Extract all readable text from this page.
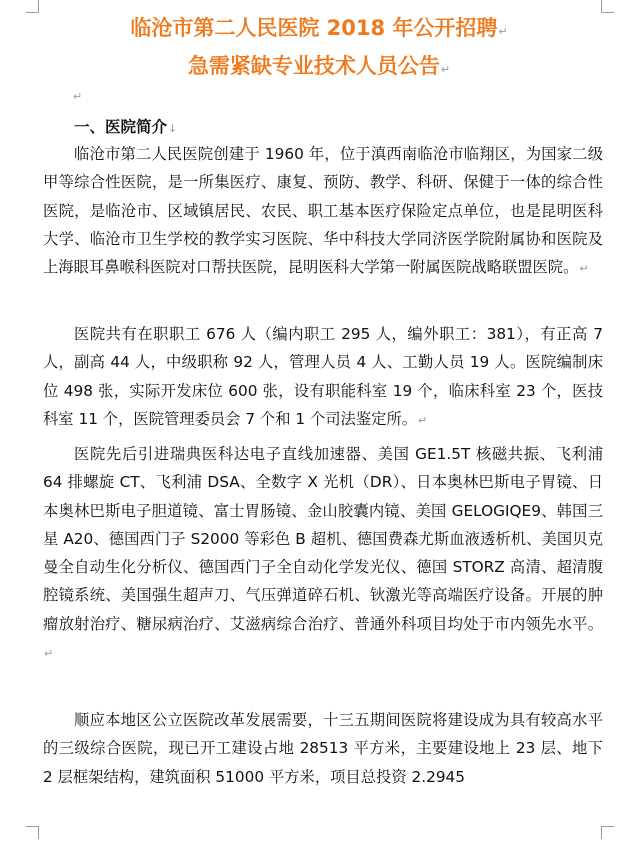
临沧市第二人民医院 2018 年公开招聘↵
急需紧缺专业技术人员公告↵
↵
一、医院简介↓

临沧市第二人民医院创建于 1960 年，位于滇西南临沧市临翔区，为国家二级甲等综合性医院，是一所集医疗、康复、预防、教学、科研、保健于一体的综合性医院，是临沧市、区域镇居民、农民、职工基本医疗保险定点单位，也是昆明医科大学、临沧市卫生学校的教学实习医院、华中科技大学同济医学院附属协和医院及上海眼耳鼻喉科医院对口帮扶医院，昆明医科大学第一附属医院战略联盟医院。↵

医院共有在职职工 676 人（编内职工 295 人，编外职工：381），有正高 7 人，副高 44 人，中级职称 92 人，管理人员 4 人、工勤人员 19 人。医院编制床位 498 张，实际开发床位 600 张，设有职能科室 19 个，临床科室 23 个，医技科室 11 个，医院管理委员会 7 个和 1 个司法鉴定所。↵

医院先后引进瑞典医科达电子直线加速器、美国 GE1.5T 核磁共振、飞利浦 64 排螺旋 CT、飞利浦 DSA、全数字 X 光机（DR）、日本奥林巴斯电子胃镜、日本奥林巴斯电子胆道镜、富士胃肠镜、金山胶囊内镜、美国 GELOGIQE9、韩国三星 A20、德国西门子 S2000 等彩色 B 超机、德国费森尤斯血液透析机、美国贝克曼全自动生化分析仪、德国西门子全自动化学发光仪、德国 STORZ 高清、超清腹腔镜系统、美国强生超声刀、气压弹道碎石机、钬激光等高端医疗设备。开展的肿瘤放射治疗、糖尿病治疗、艾滋病综合治疗、普通外科项目均处于市内领先水平。↵

顺应本地区公立医院改革发展需要，十三五期间医院将建设成为具有较高水平的三级综合医院，现已开工建设占地 28513 平方米，主要建设地上 23 层、地下 2 层框架结构，建筑面积 51000 平方米，项目总投资 2.2945
